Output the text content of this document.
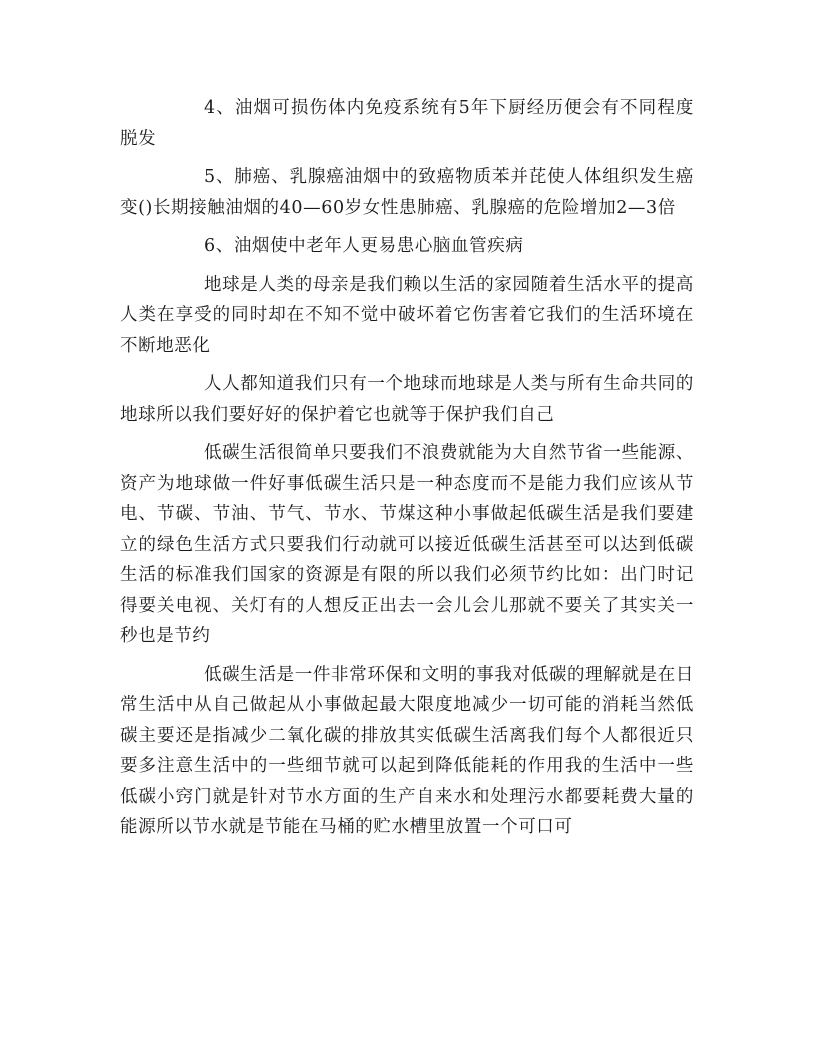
4、油烟可损伤体内免疫系统有5年下厨经历便会有不同程度脱发

5、肺癌、乳腺癌油烟中的致癌物质苯并芘使人体组织发生癌变()长期接触油烟的40—60岁女性患肺癌、乳腺癌的危险增加2—3倍

6、油烟使中老年人更易患心脑血管疾病

地球是人类的母亲是我们赖以生活的家园随着生活水平的提高人类在享受的同时却在不知不觉中破坏着它伤害着它我们的生活环境在不断地恶化

人人都知道我们只有一个地球而地球是人类与所有生命共同的地球所以我们要好好的保护着它也就等于保护我们自己

低碳生活很简单只要我们不浪费就能为大自然节省一些能源、资产为地球做一件好事低碳生活只是一种态度而不是能力我们应该从节电、节碳、节油、节气、节水、节煤这种小事做起低碳生活是我们要建立的绿色生活方式只要我们行动就可以接近低碳生活甚至可以达到低碳生活的标准我们国家的资源是有限的所以我们必须节约比如：出门时记得要关电视、关灯有的人想反正出去一会儿会儿那就不要关了其实关一秒也是节约

低碳生活是一件非常环保和文明的事我对低碳的理解就是在日常生活中从自己做起从小事做起最大限度地减少一切可能的消耗当然低碳主要还是指减少二氧化碳的排放其实低碳生活离我们每个人都很近只要多注意生活中的一些细节就可以起到降低能耗的作用我的生活中一些低碳小窍门就是针对节水方面的生产自来水和处理污水都要耗费大量的能源所以节水就是节能在马桶的贮水槽里放置一个可口可
